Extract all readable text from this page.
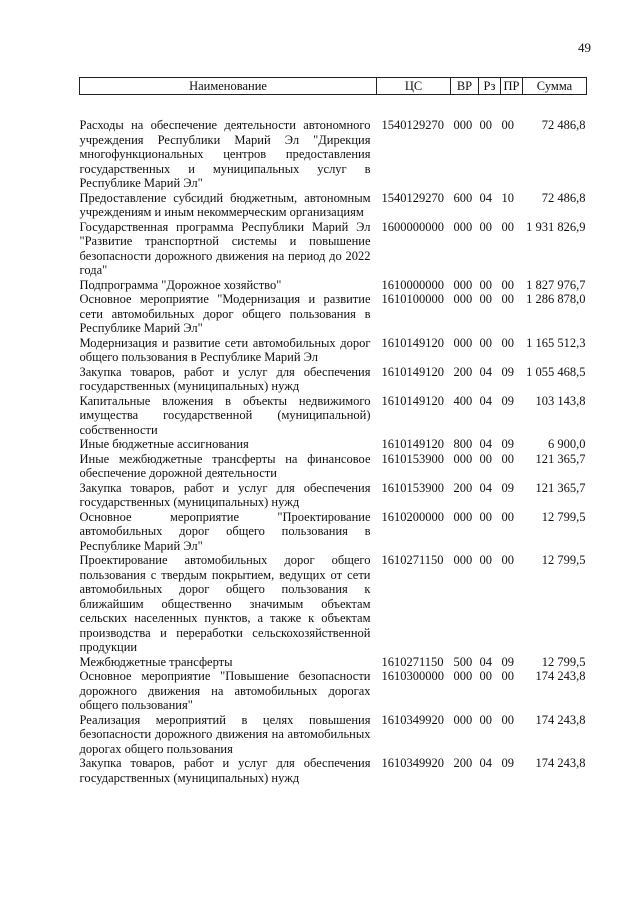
49
Наименование	ЦС	ВР	Рз	ПР	Сумма
Расходы на обеспечение деятельности автономного учреждения Республики Марий Эл "Дирекция многофункциональных центров предоставления государственных и муниципальных услуг в Республике Марий Эл"	1540129270	000	00	00	72 486,8
Предоставление субсидий бюджетным, автономным учреждениям и иным некоммерческим организациям	1540129270	600	04	10	72 486,8
Государственная программа Республики Марий Эл "Развитие транспортной системы и повышение безопасности дорожного движения на период до 2022 года"	1600000000	000	00	00	1 931 826,9
Подпрограмма "Дорожное хозяйство"	1610000000	000	00	00	1 827 976,7
Основное мероприятие "Модернизация и развитие сети автомобильных дорог общего пользования в Республике Марий Эл"	1610100000	000	00	00	1 286 878,0
Модернизация и развитие сети автомобильных дорог общего пользования в Республике Марий Эл	1610149120	000	00	00	1 165 512,3
Закупка товаров, работ и услуг для обеспечения государственных (муниципальных) нужд	1610149120	200	04	09	1 055 468,5
Капитальные вложения в объекты недвижимого имущества государственной (муниципальной) собственности	1610149120	400	04	09	103 143,8
Иные бюджетные ассигнования	1610149120	800	04	09	6 900,0
Иные межбюджетные трансферты на финансовое обеспечение дорожной деятельности	1610153900	000	00	00	121 365,7
Закупка товаров, работ и услуг для обеспечения государственных (муниципальных) нужд	1610153900	200	04	09	121 365,7
Основное мероприятие "Проектирование автомобильных дорог общего пользования в Республике Марий Эл"	1610200000	000	00	00	12 799,5
Проектирование автомобильных дорог общего пользования с твердым покрытием, ведущих от сети автомобильных дорог общего пользования к ближайшим общественно значимым объектам сельских населенных пунктов, а также к объектам производства и переработки сельскохозяйственной продукции	1610271150	000	00	00	12 799,5
Межбюджетные трансферты	1610271150	500	04	09	12 799,5
Основное мероприятие "Повышение безопасности дорожного движения на автомобильных дорогах общего пользования"	1610300000	000	00	00	174 243,8
Реализация мероприятий в целях повышения безопасности дорожного движения на автомобильных дорогах общего пользования	1610349920	000	00	00	174 243,8
Закупка товаров, работ и услуг для обеспечения государственных (муниципальных) нужд	1610349920	200	04	09	174 243,8
